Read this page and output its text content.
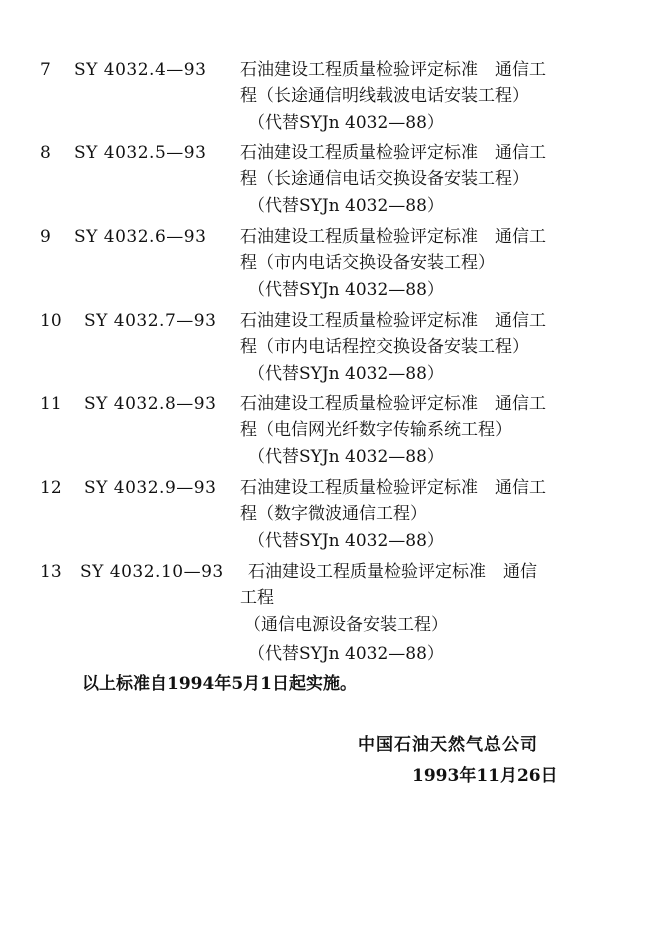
7	SY 4032.4—93 石油建设工程质量检验评定标准　通信工
程（长途通信明线载波电话安装工程）
（代替SYJn 4032—88）
8	SY 4032.5—93 石油建设工程质量检验评定标准　通信工
程（长途通信电话交换设备安装工程）
（代替SYJn 4032—88）
9	SY 4032.6—93 石油建设工程质量检验评定标准　通信工
程（市内电话交换设备安装工程）
（代替SYJn 4032—88）
10	SY 4032.7—93 石油建设工程质量检验评定标准　通信工
程（市内电话程控交换设备安装工程）
（代替SYJn 4032—88）
11	SY 4032.8—93 石油建设工程质量检验评定标准　通信工
程（电信网光纤数字传输系统工程）
（代替SYJn 4032—88）
12	SY 4032.9—93 石油建设工程质量检验评定标准　通信工
程（数字微波通信工程）
（代替SYJn 4032—88）
13	SY 4032.10—93 石油建设工程质量检验评定标准　通信
工程
（通信电源设备安装工程）
（代替SYJn 4032—88）
以上标准自1994年5月1日起实施。
中国石油天然气总公司
1993年11月26日
